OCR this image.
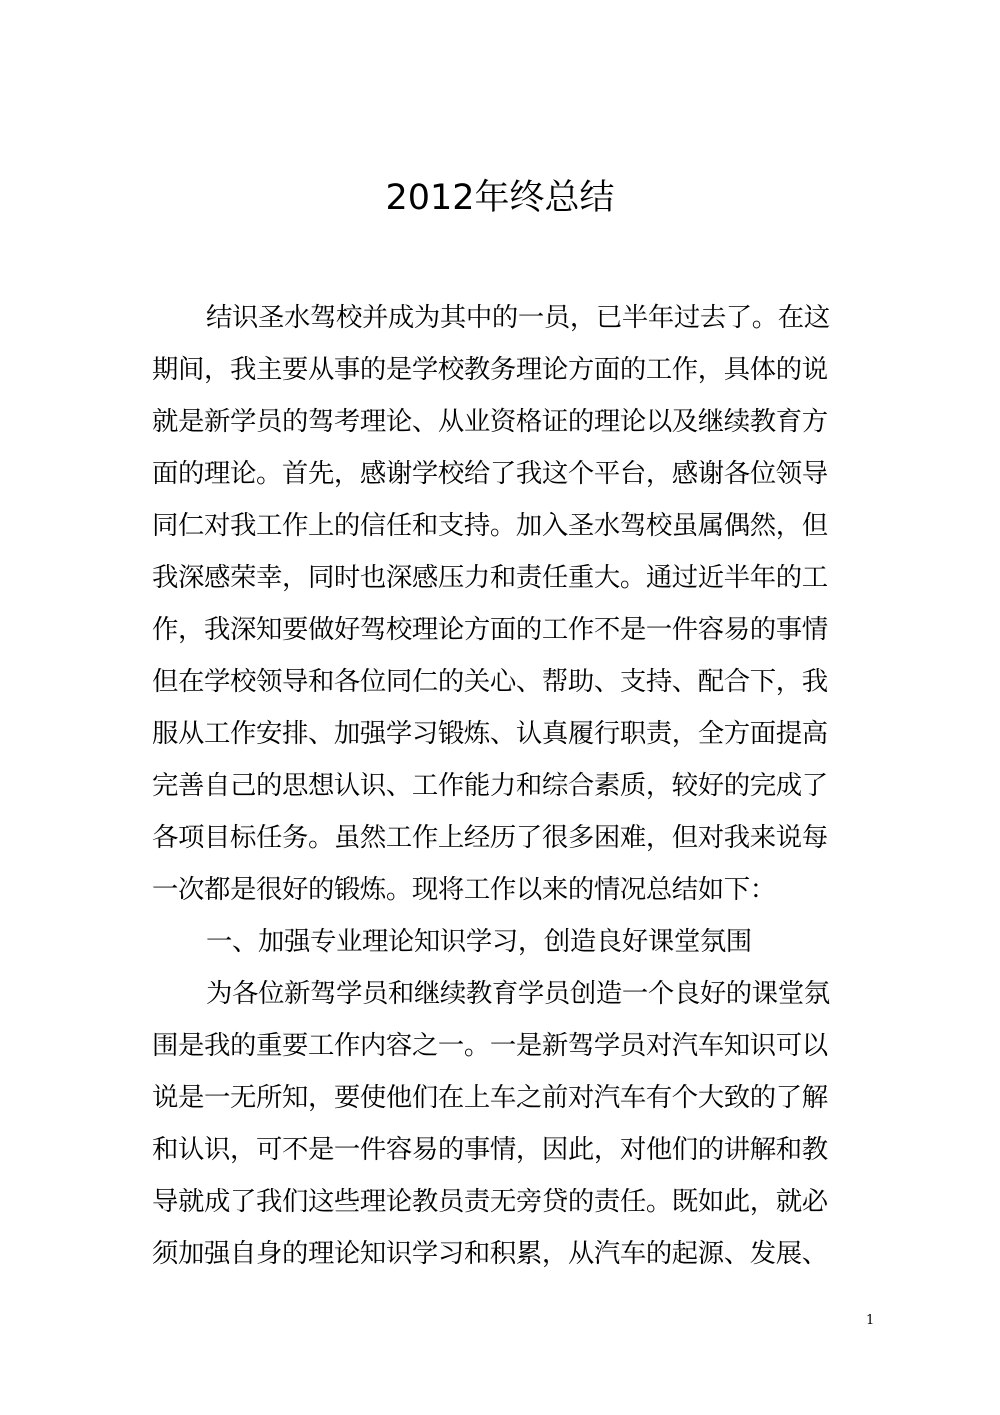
2012年终总结
结识圣水驾校并成为其中的一员，已半年过去了。在这
期间，我主要从事的是学校教务理论方面的工作，具体的说
就是新学员的驾考理论、从业资格证的理论以及继续教育方
面的理论。首先，感谢学校给了我这个平台，感谢各位领导
同仁对我工作上的信任和支持。加入圣水驾校虽属偶然，但
我深感荣幸，同时也深感压力和责任重大。通过近半年的工
作，我深知要做好驾校理论方面的工作不是一件容易的事情
但在学校领导和各位同仁的关心、帮助、支持、配合下，我
服从工作安排、加强学习锻炼、认真履行职责，全方面提高
完善自己的思想认识、工作能力和综合素质，较好的完成了
各项目标任务。虽然工作上经历了很多困难，但对我来说每
一次都是很好的锻炼。现将工作以来的情况总结如下：
一、加强专业理论知识学习，创造良好课堂氛围
为各位新驾学员和继续教育学员创造一个良好的课堂氛
围是我的重要工作内容之一。一是新驾学员对汽车知识可以
说是一无所知，要使他们在上车之前对汽车有个大致的了解
和认识，可不是一件容易的事情，因此，对他们的讲解和教
导就成了我们这些理论教员责无旁贷的责任。既如此，就必
须加强自身的理论知识学习和积累，从汽车的起源、发展、
1
